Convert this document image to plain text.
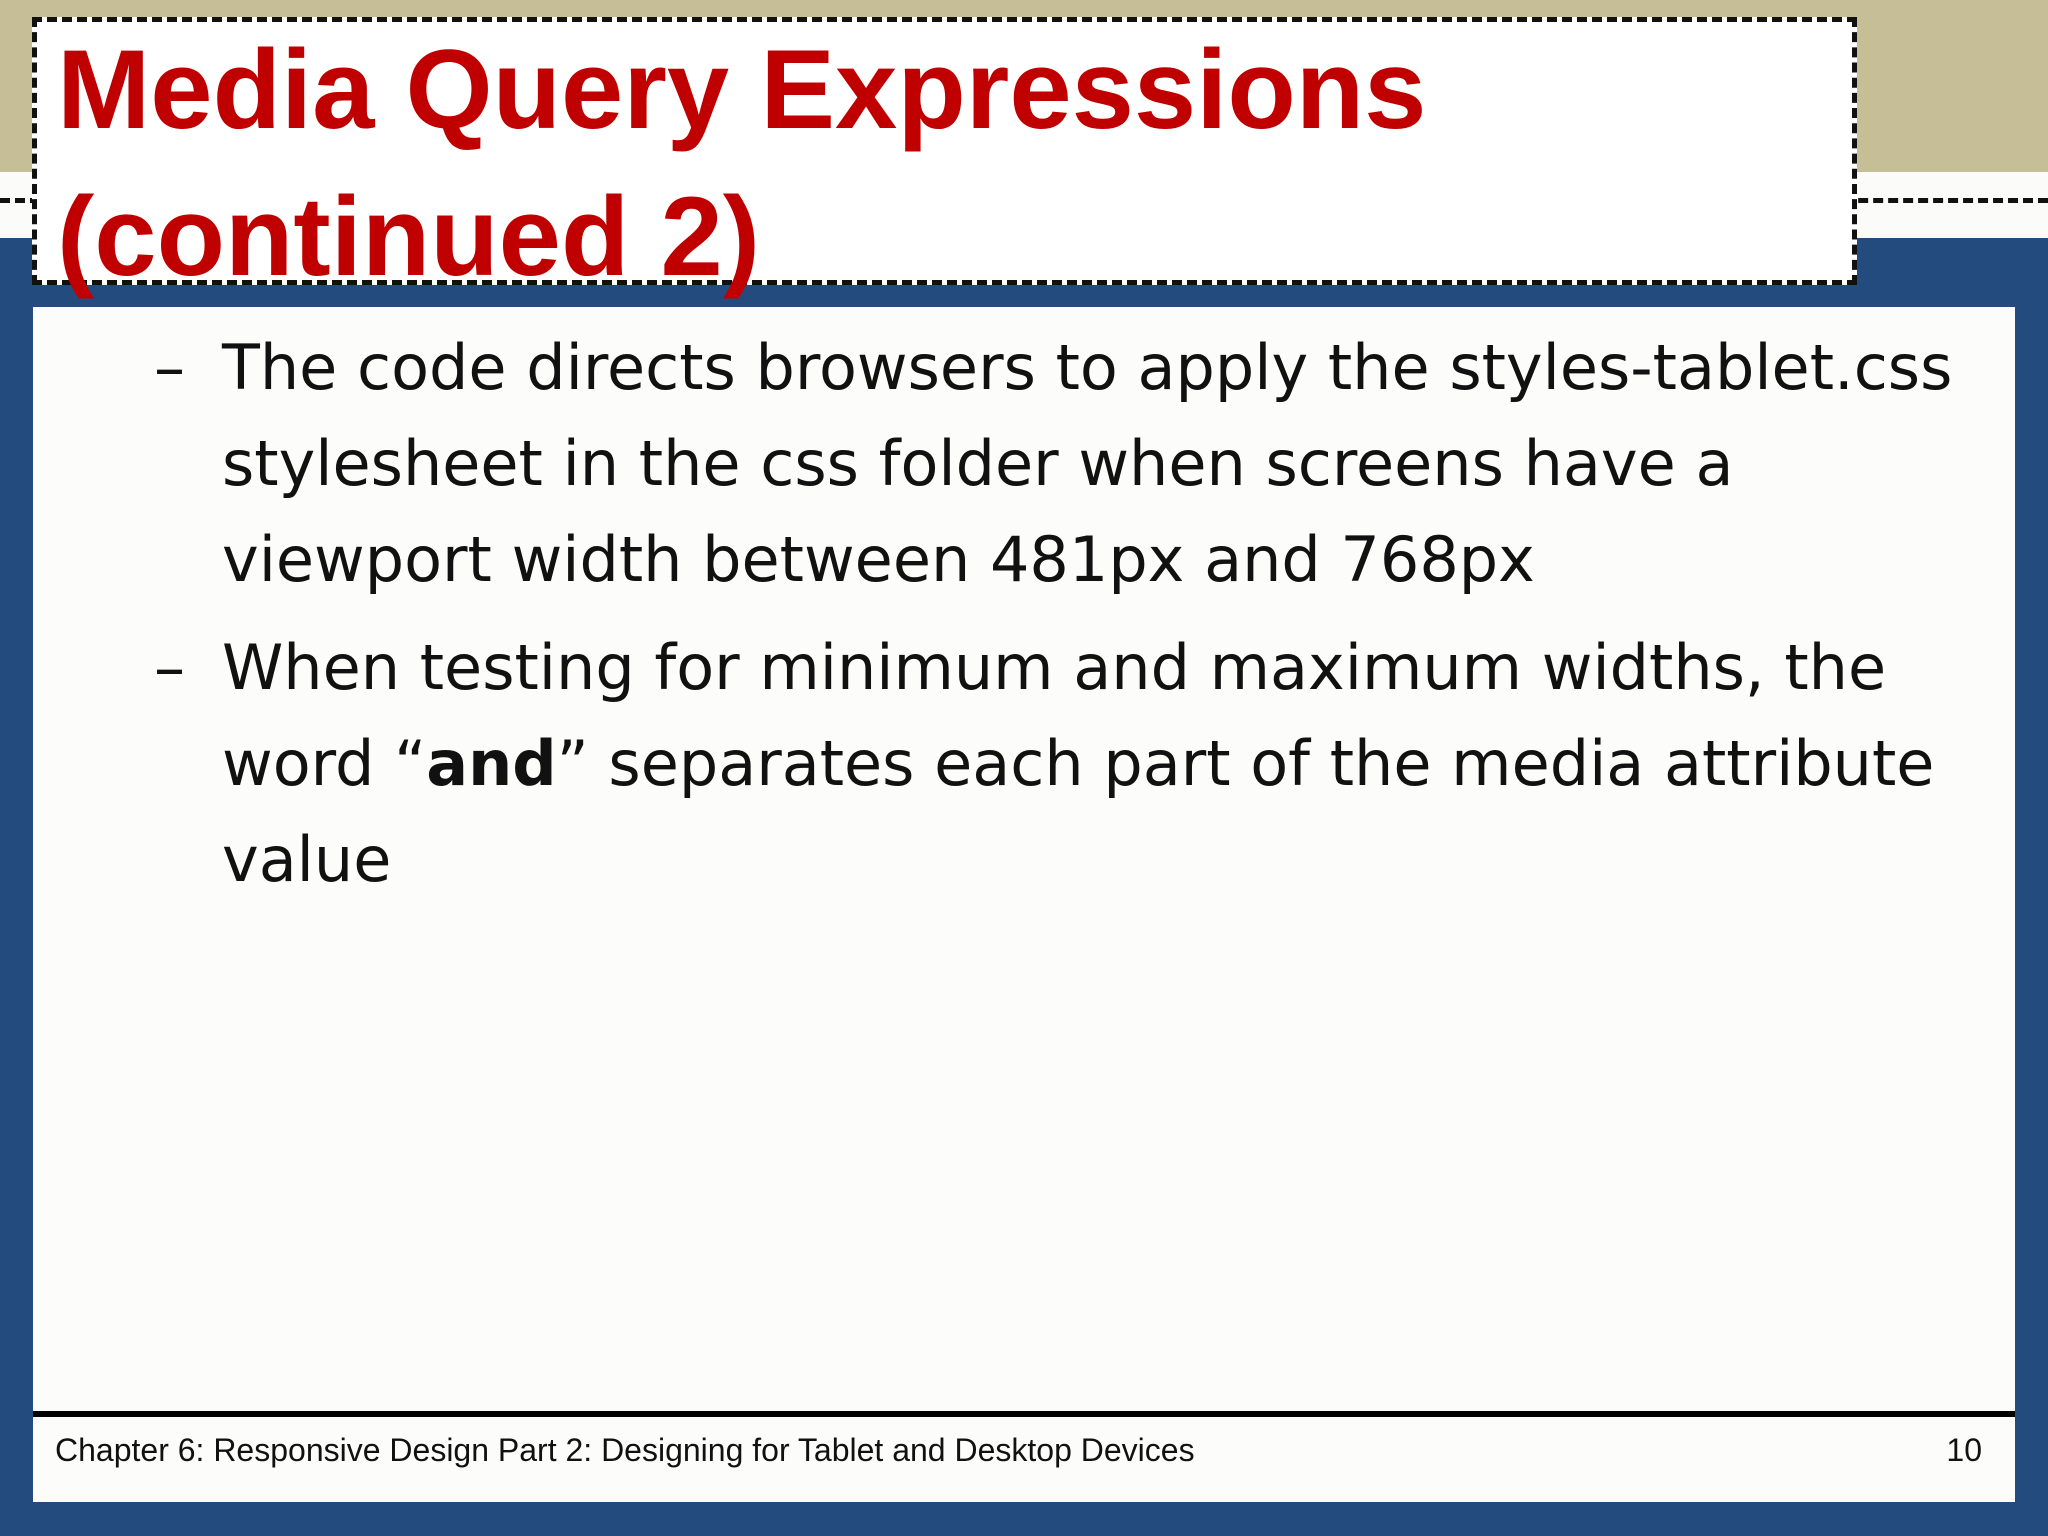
Media Query Expressions
(continued 2)
– The code directs browsers to apply the styles-tablet.css stylesheet in the css folder when screens have a viewport width between 481px and 768px
– When testing for minimum and maximum widths, the word “and” separates each part of the media attribute value
Chapter 6: Responsive Design Part 2: Designing for Tablet and Desktop Devices	10
